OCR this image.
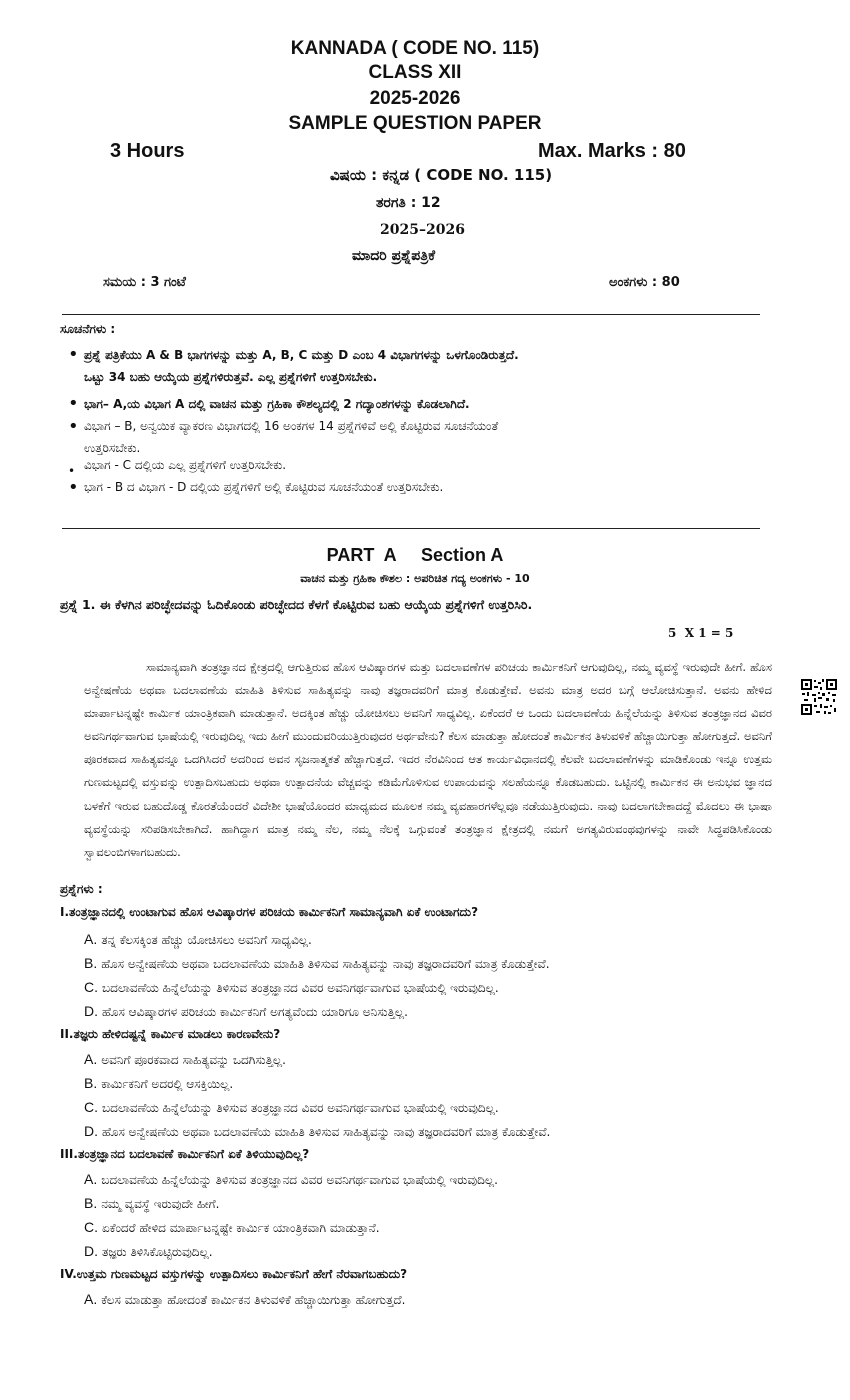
KANNADA ( CODE NO. 115)
CLASS XII
2025-2026
SAMPLE QUESTION PAPER
3 Hours	Max. Marks : 80
ವಿಷಯ : ಕನ್ನಡ ( CODE NO. 115)
ತರಗತಿ : 12
2025–2026
ಮಾದರಿ ಪ್ರಶ್ನೆಪತ್ರಿಕೆ
ಸಮಯ : 3 ಗಂಟೆ	ಅಂಕಗಳು : 80
ಸೂಚನೆಗಳು :
• ಪ್ರಶ್ನೆ ಪತ್ರಿಕೆಯು A & B ಭಾಗಗಳನ್ನು ಮತ್ತು A, B, C ಮತ್ತು D ಎಂಬ 4 ವಿಭಾಗಗಳನ್ನು ಒಳಗೊಂಡಿರುತ್ತದೆ.
ಒಟ್ಟು 34 ಬಹು ಆಯ್ಕೆಯ ಪ್ರಶ್ನೆಗಳಿರುತ್ತವೆ. ಎಲ್ಲ ಪ್ರಶ್ನೆಗಳಿಗೆ ಉತ್ತರಿಸಬೇಕು.
• ಭಾಗ– A,ಯ ವಿಭಾಗ A ದಲ್ಲಿ ವಾಚನ ಮತ್ತು ಗ್ರಹಿಕಾ ಕೌಶಲ್ಯದಲ್ಲಿ 2 ಗದ್ಯಾಂಶಗಳನ್ನು ಕೊಡಲಾಗಿದೆ.
• ವಿಭಾಗ – B, ಅನ್ವಯಿಕ ವ್ಯಾಕರಣ ವಿಭಾಗದಲ್ಲಿ 16 ಅಂಕಗಳ 14 ಪ್ರಶ್ನೆಗಳಿವೆ ಅಲ್ಲಿ ಕೊಟ್ಟಿರುವ ಸೂಚನೆಯಂತೆ
ಉತ್ತರಿಸಬೇಕು.
• ವಿಭಾಗ - C ದಲ್ಲಿಯ ಎಲ್ಲ ಪ್ರಶ್ನೆಗಳಿಗೆ ಉತ್ತರಿಸಬೇಕು.
• ಭಾಗ - B ದ ವಿಭಾಗ - D ದಲ್ಲಿಯ ಪ್ರಶ್ನೆಗಳಿಗೆ ಅಲ್ಲಿ ಕೊಟ್ಟಿರುವ ಸೂಚನೆಯಂತೆ ಉತ್ತರಿಸಬೇಕು.
PART  A     Section A
ವಾಚನ ಮತ್ತು ಗ್ರಹಿಕಾ ಕೌಶಲ : ಅಪರಿಚಿತ ಗದ್ಯ ಅಂಕಗಳು - 10
ಪ್ರಶ್ನೆ 1. ಈ ಕೆಳಗಿನ ಪರಿಚ್ಛೇದವನ್ನು ಓದಿಕೊಂಡು ಪರಿಚ್ಛೇದದ ಕೆಳಗೆ ಕೊಟ್ಟಿರುವ ಬಹು ಆಯ್ಕೆಯ ಪ್ರಶ್ನೆಗಳಿಗೆ ಉತ್ತರಿಸಿರಿ.
5  X 1 = 5

ಸಾಮಾನ್ಯವಾಗಿ ತಂತ್ರಜ್ಞಾನದ ಕ್ಷೇತ್ರದಲ್ಲಿ ಆಗುತ್ತಿರುವ ಹೊಸ ಆವಿಷ್ಕಾರಗಳ ಮತ್ತು ಬದಲಾವಣೆಗಳ ಪರಿಚಯ ಕಾರ್ಮಿಕನಿಗೆ ಆಗುವುದಿಲ್ಲ, ನಮ್ಮ ವ್ಯವಸ್ಥೆ ಇರುವುದೇ ಹೀಗೆ. ಹೊಸ ಅನ್ವೇಷಣೆಯ ಅಥವಾ ಬದಲಾವಣೆಯ ಮಾಹಿತಿ ತಿಳಿಸುವ ಸಾಹಿತ್ಯವನ್ನು ನಾವು ತಜ್ಞರಾದವರಿಗೆ ಮಾತ್ರ ಕೊಡುತ್ತೇವೆ. ಅವನು ಮಾತ್ರ ಅದರ ಬಗ್ಗೆ ಆಲೋಚಿಸುತ್ತಾನೆ. ಅವನು ಹೇಳಿದ ಮಾರ್ಪಾಟನ್ನಷ್ಟೇ ಕಾರ್ಮಿಕ ಯಾಂತ್ರಿಕವಾಗಿ ಮಾಡುತ್ತಾನೆ. ಅದಕ್ಕಿಂತ ಹೆಚ್ಚು ಯೋಚಿಸಲು ಅವನಿಗೆ ಸಾಧ್ಯವಿಲ್ಲ. ಏಕೆಂದರೆ ಆ ಒಂದು ಬದಲಾವಣೆಯ ಹಿನ್ನೆಲೆಯನ್ನು ತಿಳಿಸುವ ತಂತ್ರಜ್ಞಾನದ ವಿವರ ಅವನಿಗರ್ಥವಾಗುವ ಭಾಷೆಯಲ್ಲಿ ಇರುವುದಿಲ್ಲ ಇದು ಹೀಗೆ ಮುಂದುವರಿಯುತ್ತಿರುವುದರ ಅರ್ಥವೇನು? ಕೆಲಸ ಮಾಡುತ್ತಾ ಹೋದಂತೆ ಕಾರ್ಮಿಕನ ತಿಳುವಳಿಕೆ ಹೆಚ್ಚಾಯಿಗುತ್ತಾ ಹೋಗುತ್ತದೆ. ಅವನಿಗೆ ಪೂರಕವಾದ ಸಾಹಿತ್ಯವನ್ನೂ ಒದಗಿಸಿದರೆ ಅದರಿಂದ ಅವನ ಸೃಜನಾತ್ಮಕತೆ ಹೆಚ್ಚಾಗುತ್ತದೆ. ಇದರ ನೆರವಿನಿಂದ ಆತ ಕಾರ್ಯವಿಧಾನದಲ್ಲಿ ಕೆಲವೇ ಬದಲಾವಣೆಗಳನ್ನು ಮಾಡಿಕೊಂಡು ಇನ್ನೂ ಉತ್ತಮ ಗುಣಮಟ್ಟದಲ್ಲಿ ವಸ್ತುವನ್ನು ಉತ್ಪಾದಿಸಬಹುದು ಅಥವಾ ಉತ್ಪಾದನೆಯ ವೆಚ್ಚವನ್ನು ಕಡಿಮೆಗೊಳಿಸುವ ಉಪಾಯವನ್ನು ಸಲಹೆಯನ್ನೂ ಕೊಡಬಹುದು. ಒಟ್ಟಿನಲ್ಲಿ ಕಾರ್ಮಿಕನ ಈ ಅನುಭವ ಜ್ಞಾನದ ಬಳಕೆಗೆ ಇರುವ ಬಹುದೊಡ್ಡ ಕೊರತೆಯೆಂದರೆ ವಿದೇಶೀ ಭಾಷೆಯೊಂದರ ಮಾಧ್ಯಮದ ಮೂಲಕ ನಮ್ಮ ವ್ಯವಹಾರಗಳೆಲ್ಲವೂ ನಡೆಯುತ್ತಿರುವುದು. ನಾವು ಬದಲಾಗಬೇಕಾದದ್ದೆ ಮೊದಲು ಈ ಭಾಷಾ ವ್ಯವಸ್ಥೆಯನ್ನು ಸರಿಪಡಿಸಬೇಕಾಗಿದೆ. ಹಾಗಿದ್ದಾಗ ಮಾತ್ರ ನಮ್ಮ ನೆಲ, ನಮ್ಮ ನೆಲಕ್ಕೆ ಒಗ್ಗುವಂತೆ ತಂತ್ರಜ್ಞಾನ ಕ್ಷೇತ್ರದಲ್ಲಿ ನಮಗೆ ಅಗತ್ಯವಿರುವಂಥವುಗಳನ್ನು ನಾವೇ ಸಿದ್ಧಪಡಿಸಿಕೊಂಡು ಸ್ವಾವಲಂಬಿಗಳಾಗಬಹುದು.

ಪ್ರಶ್ನೆಗಳು :
I.ತಂತ್ರಜ್ಞಾನದಲ್ಲಿ ಉಂಟಾಗುವ ಹೊಸ ಆವಿಷ್ಕಾರಗಳ ಪರಿಚಯ ಕಾರ್ಮಿಕನಿಗೆ ಸಾಮಾನ್ಯವಾಗಿ ಏಕೆ ಉಂಟಾಗದು?
A. ತನ್ನ ಕೆಲಸಕ್ಕಿಂತ ಹೆಚ್ಚು ಯೋಚಿಸಲು ಅವನಿಗೆ ಸಾಧ್ಯವಿಲ್ಲ.
B. ಹೊಸ ಅನ್ವೇಷಣೆಯ ಅಥವಾ ಬದಲಾವಣೆಯ ಮಾಹಿತಿ ತಿಳಿಸುವ ಸಾಹಿತ್ಯವನ್ನು ನಾವು ತಜ್ಞರಾದವರಿಗೆ ಮಾತ್ರ ಕೊಡುತ್ತೇವೆ.
C. ಬದಲಾವಣೆಯ ಹಿನ್ನೆಲೆಯನ್ನು ತಿಳಿಸುವ ತಂತ್ರಜ್ಞಾನದ ವಿವರ ಅವನಿಗರ್ಥವಾಗುವ ಭಾಷೆಯಲ್ಲಿ ಇರುವುದಿಲ್ಲ.
D. ಹೊಸ ಆವಿಷ್ಕಾರಗಳ ಪರಿಚಯ ಕಾರ್ಮಿಕನಿಗೆ ಅಗತ್ಯವೆಂದು ಯಾರಿಗೂ ಅನಿಸುತ್ತಿಲ್ಲ.
II.ತಜ್ಞರು ಹೇಳಿದಷ್ಟನ್ನೆ ಕಾರ್ಮಿಕ ಮಾಡಲು ಕಾರಣವೇನು?
A. ಅವನಿಗೆ ಪೂರಕವಾದ ಸಾಹಿತ್ಯವನ್ನು ಒದಗಿಸುತ್ತಿಲ್ಲ.
B. ಕಾರ್ಮಿಕನಿಗೆ ಅದರಲ್ಲಿ ಆಸಕ್ತಿಯಿಲ್ಲ.
C. ಬದಲಾವಣೆಯ ಹಿನ್ನೆಲೆಯನ್ನು ತಿಳಿಸುವ ತಂತ್ರಜ್ಞಾನದ ವಿವರ ಅವನಿಗರ್ಥವಾಗುವ ಭಾಷೆಯಲ್ಲಿ ಇರುವುದಿಲ್ಲ.
D. ಹೊಸ ಅನ್ವೇಷಣೆಯ ಅಥವಾ ಬದಲಾವಣೆಯ ಮಾಹಿತಿ ತಿಳಿಸುವ ಸಾಹಿತ್ಯವನ್ನು ನಾವು ತಜ್ಞರಾದವರಿಗೆ ಮಾತ್ರ ಕೊಡುತ್ತೇವೆ.
III.ತಂತ್ರಜ್ಞಾನದ ಬದಲಾವಣೆ ಕಾರ್ಮಿಕನಿಗೆ ಏಕೆ ತಿಳಿಯುವುದಿಲ್ಲ?
A. ಬದಲಾವಣೆಯ ಹಿನ್ನೆಲೆಯನ್ನು ತಿಳಿಸುವ ತಂತ್ರಜ್ಞಾನದ ವಿವರ ಅವನಿಗರ್ಥವಾಗುವ ಭಾಷೆಯಲ್ಲಿ ಇರುವುದಿಲ್ಲ.
B. ನಮ್ಮ ವ್ಯವಸ್ಥೆ ಇರುವುದೇ ಹೀಗೆ.
C. ಏಕೆಂದರೆ ಹೇಳಿದ ಮಾರ್ಪಾಟನ್ನಷ್ಟೇ ಕಾರ್ಮಿಕ ಯಾಂತ್ರಿಕವಾಗಿ ಮಾಡುತ್ತಾನೆ.
D. ತಜ್ಞರು ತಿಳಿಸಿಕೊಟ್ಟಿರುವುದಿಲ್ಲ.
IV.ಉತ್ತಮ ಗುಣಮಟ್ಟದ ವಸ್ತುಗಳನ್ನು ಉತ್ಪಾದಿಸಲು ಕಾರ್ಮಿಕನಿಗೆ ಹೇಗೆ ನೆರವಾಗಬಹುದು?
A. ಕೆಲಸ ಮಾಡುತ್ತಾ ಹೋದಂತೆ ಕಾರ್ಮಿಕನ ತಿಳುವಳಿಕೆ ಹೆಚ್ಚಾಯಿಗುತ್ತಾ ಹೋಗುತ್ತದೆ.
